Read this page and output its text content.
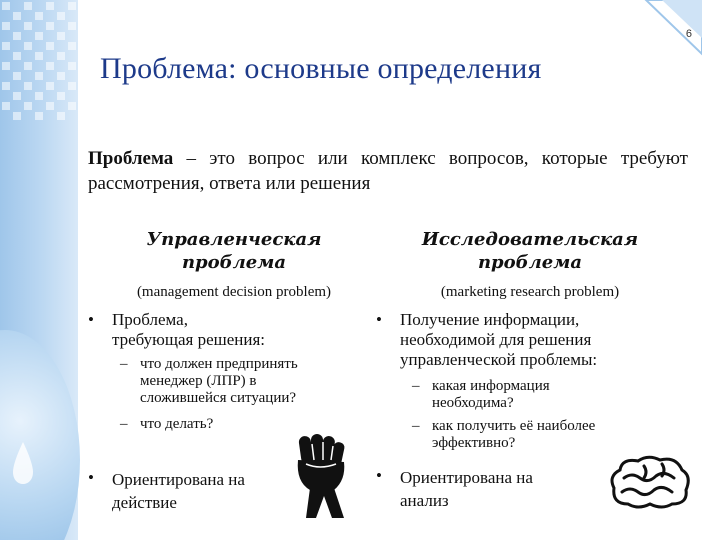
6
Проблема: основные определения
Проблема – это вопрос или комплекс вопросов, которые требуют рассмотрения, ответа или решения
Управленческая
проблема
(management decision problem)
• Проблема,
требующая решения:
– что должен предпринять
менеджер (ЛПР) в
сложившейся ситуации?
– что делать?
• Ориентирована на
действие
Исследовательская
проблема
(marketing research problem)
• Получение информации,
необходимой для решения
управленческой проблемы:
– какая информация
необходима?
– как получить её наиболее
эффективно?
• Ориентирована на
анализ
